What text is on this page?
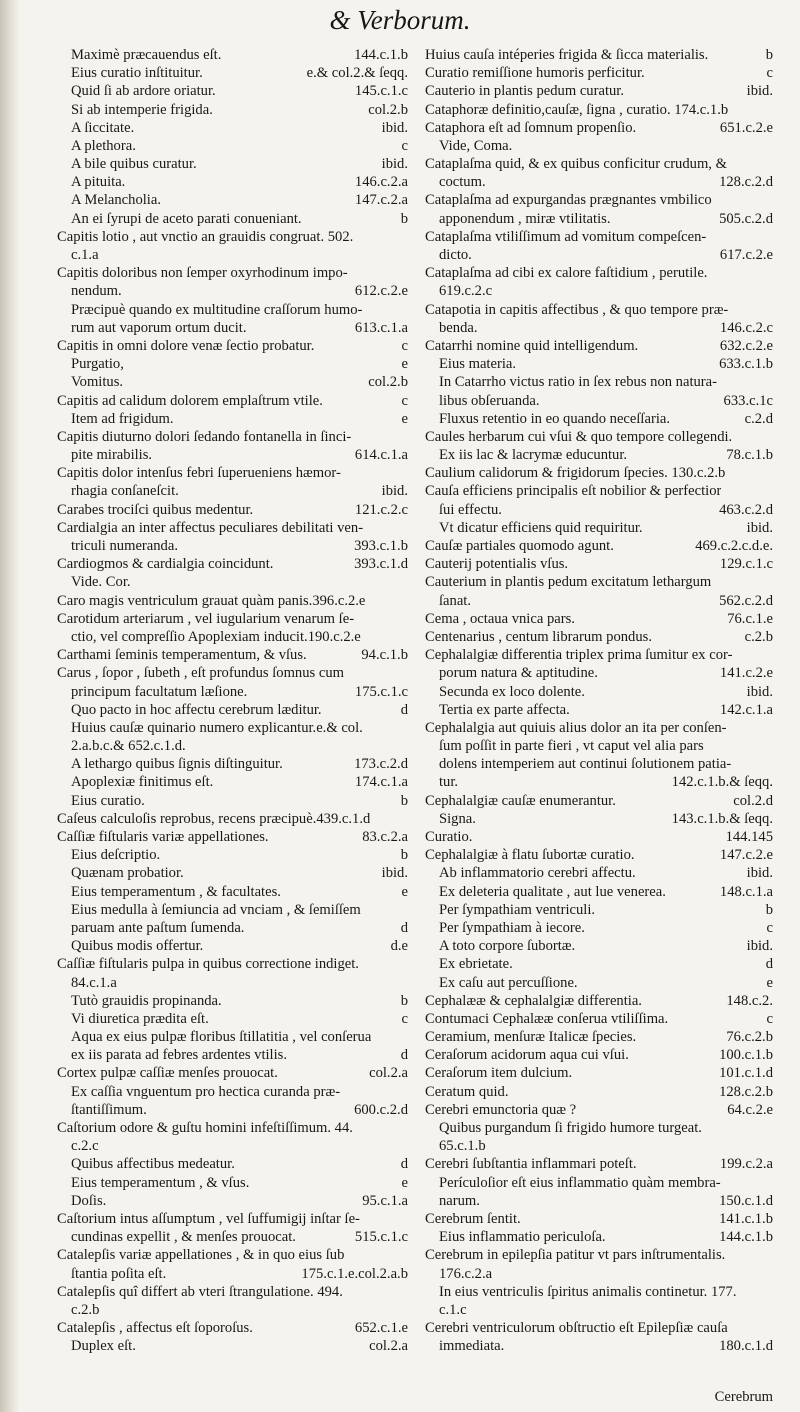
& Verborum.
Maximè præcauendus eſt.	144.c.1.b
Eius curatio inſtituitur.	e.& col.2.& ſeqq.
Quid ſi ab ardore oriatur.	145.c.1.c
Si ab intemperie frigida.	col.2.b
A ſiccitate.	ibid.
A plethora.	c
A bile quibus curatur.	ibid.
A pituita.	146.c.2.a
A Melancholia.	147.c.2.a
An ei ſyrupi de aceto parati conueniant.	b
Capitis lotio , aut vnctio an grauidis congruat. 502.
c.1.a
Capitis doloribus non ſemper oxyrhodinum impo-
nendum.	612.c.2.e
Præcipuè quando ex multitudine craſſorum humo-
rum aut vaporum ortum ducit.	613.c.1.a
Capitis in omni dolore venæ ſectio probatur.	c
Purgatio,	e
Vomitus.	col.2.b
Capitis ad calidum dolorem emplaſtrum vtile.	c
Item ad frigidum.	e
Capitis diuturno dolori ſedando fontanella in ſinci-
pite mirabilis.	614.c.1.a
Capitis dolor intenſus febri ſuperueniens hæmor-
rhagia conſaneſcit.	ibid.
Carabes trociſci quibus medentur.	121.c.2.c
Cardialgia an inter affectus peculiares debilitati ven-
triculi numeranda.	393.c.1.b
Cardiogmos & cardialgia coincidunt.	393.c.1.d
Vide. Cor.
Caro magis ventriculum grauat quàm panis.396.c.2.e
Carotidum arteriarum , vel iugularium venarum ſe-
ctio, vel compreſſio Apoplexiam inducit.190.c.2.e
Carthami ſeminis temperamentum, & vſus.	94.c.1.b
Carus , ſopor , ſubeth , eſt profundus ſomnus cum
principum facultatum læſione.	175.c.1.c
Quo pacto in hoc affectu cerebrum læditur.	d
Huius cauſæ quinario numero explicantur.e.& col.
2.a.b.c.& 652.c.1.d.
A lethargo quibus ſignis diſtinguitur.	173.c.2.d
Apoplexiæ finitimus eſt.	174.c.1.a
Eius curatio.	b
Caſeus calculoſis reprobus, recens præcipuè.439.c.1.d
Caſſiæ fiſtularis variæ appellationes.	83.c.2.a
Eius deſcriptio.	b
Quænam probatior.	ibid.
Eius temperamentum , & facultates.	e
Eius medulla à ſemiuncia ad vnciam , & ſemiſſem
paruam ante paſtum ſumenda.	d
Quibus modis offertur.	d.e
Caſſiæ fiſtularis pulpa in quibus correctione indiget.
84.c.1.a
Tutò grauidis propinanda.	b
Vi diuretica prædita eſt.	c
Aqua ex eius pulpæ floribus ſtillatitia , vel conſerua
ex iis parata ad febres ardentes vtilis.	d
Cortex pulpæ caſſiæ menſes prouocat.	col.2.a
Ex caſſia vnguentum pro hectica curanda præ-
ſtantiſſimum.	600.c.2.d
Caſtorium odore & guſtu homini infeſtiſſimum. 44.
c.2.c
Quibus affectibus medeatur.	d
Eius temperamentum , & vſus.	e
Doſis.	95.c.1.a
Caſtorium intus aſſumptum , vel ſuffumigij inſtar ſe-
cundinas expellit , & menſes prouocat.	515.c.1.c
Catalepſis variæ appellationes , & in quo eius ſub
ſtantia poſita eſt.	175.c.1.e.col.2.a.b
Catalepſis quî differt ab vteri ſtrangulatione. 494.
c.2.b
Catalepſis , affectus eſt ſoporoſus.	652.c.1.e
Duplex eſt.	col.2.a
Huius cauſa intéperies frigida & ſicca materialis.	b
Curatio remiſſione humoris perficitur.	c
Cauterio in plantis pedum curatur.	ibid.
Cataphoræ definitio,cauſæ, ſigna , curatio. 174.c.1.b
Cataphora eſt ad ſomnum propenſio.	651.c.2.e
Vide, Coma.
Cataplaſma quid, & ex quibus conficitur crudum, &
coctum.	128.c.2.d
Cataplaſma ad expurgandas prægnantes vmbilico
apponendum , miræ vtilitatis.	505.c.2.d
Cataplaſma vtiliſſimum ad vomitum compeſcen-
dicto.	617.c.2.e
Cataplaſma ad cibi ex calore faſtidium , perutile.
619.c.2.c
Catapotia in capitis affectibus , & quo tempore præ-
benda.	146.c.2.c
Catarrhi nomine quid intelligendum.	632.c.2.e
Eius materia.	633.c.1.b
In Catarrho victus ratio in ſex rebus non natura-
libus obſeruanda.	633.c.1c
Fluxus retentio in eo quando neceſſaria.	c.2.d
Caules herbarum cui vſui & quo tempore collegendi.
Ex iis lac & lacrymæ educuntur.	78.c.1.b
Caulium calidorum & frigidorum ſpecies. 130.c.2.b
Cauſa efficiens principalis eſt nobilior & perfectior
ſui effectu.	463.c.2.d
Vt dicatur efficiens quid requiritur.	ibid.
Cauſæ partiales quomodo agunt.	469.c.2.c.d.e.
Cauterij potentialis vſus.	129.c.1.c
Cauterium in plantis pedum excitatum lethargum
ſanat.	562.c.2.d
Cema , octaua vnica pars.	76.c.1.e
Centenarius , centum librarum pondus.	c.2.b
Cephalalgiæ differentia triplex prima ſumitur ex cor-
porum natura & aptitudine.	141.c.2.e
Secunda ex loco dolente.	ibid.
Tertia ex parte affecta.	142.c.1.a
Cephalalgia aut quiuis alius dolor an ita per conſen-
ſum poſſit in parte fieri , vt caput vel alia pars
dolens intemperiem aut continui ſolutionem patia-
tur.	142.c.1.b.& ſeqq.
Cephalalgiæ cauſæ enumerantur.	col.2.d
Signa.	143.c.1.b.& ſeqq.
Curatio.	144.145
Cephalalgiæ à flatu ſubortæ curatio.	147.c.2.e
Ab inflammatorio cerebri affectu.	ibid.
Ex deleteria qualitate , aut lue venerea.	148.c.1.a
Per ſympathiam ventriculi.	b
Per ſympathiam à iecore.	c
A toto corpore ſubortæ.	ibid.
Ex ebrietate.	d
Ex caſu aut percuſſione.	e
Cephalææ & cephalalgiæ differentia.	148.c.2.
Contumaci Cephalææ conſerua vtiliſſima.	c
Ceramium, menſuræ Italicæ ſpecies.	76.c.2.b
Ceraſorum acidorum aqua cui vſui.	100.c.1.b
Ceraſorum item dulcium.	101.c.1.d
Ceratum quid.	128.c.2.b
Cerebri emunctoria quæ ?	64.c.2.e
Quibus purgandum ſi frigido humore turgeat.
65.c.1.b
Cerebri ſubſtantia inflammari poteſt.	199.c.2.a
Perículoſior eſt eius inflammatio quàm membra-
narum.	150.c.1.d
Cerebrum ſentit.	141.c.1.b
Eius inflammatio periculoſa.	144.c.1.b
Cerebrum in epilepſia patitur vt pars inſtrumentalis.
176.c.2.a
In eius ventriculis ſpiritus animalis continetur. 177.
c.1.c
Cerebri ventriculorum obſtructio eſt Epilepſiæ cauſa
immediata.	180.c.1.d
Cerebrum
